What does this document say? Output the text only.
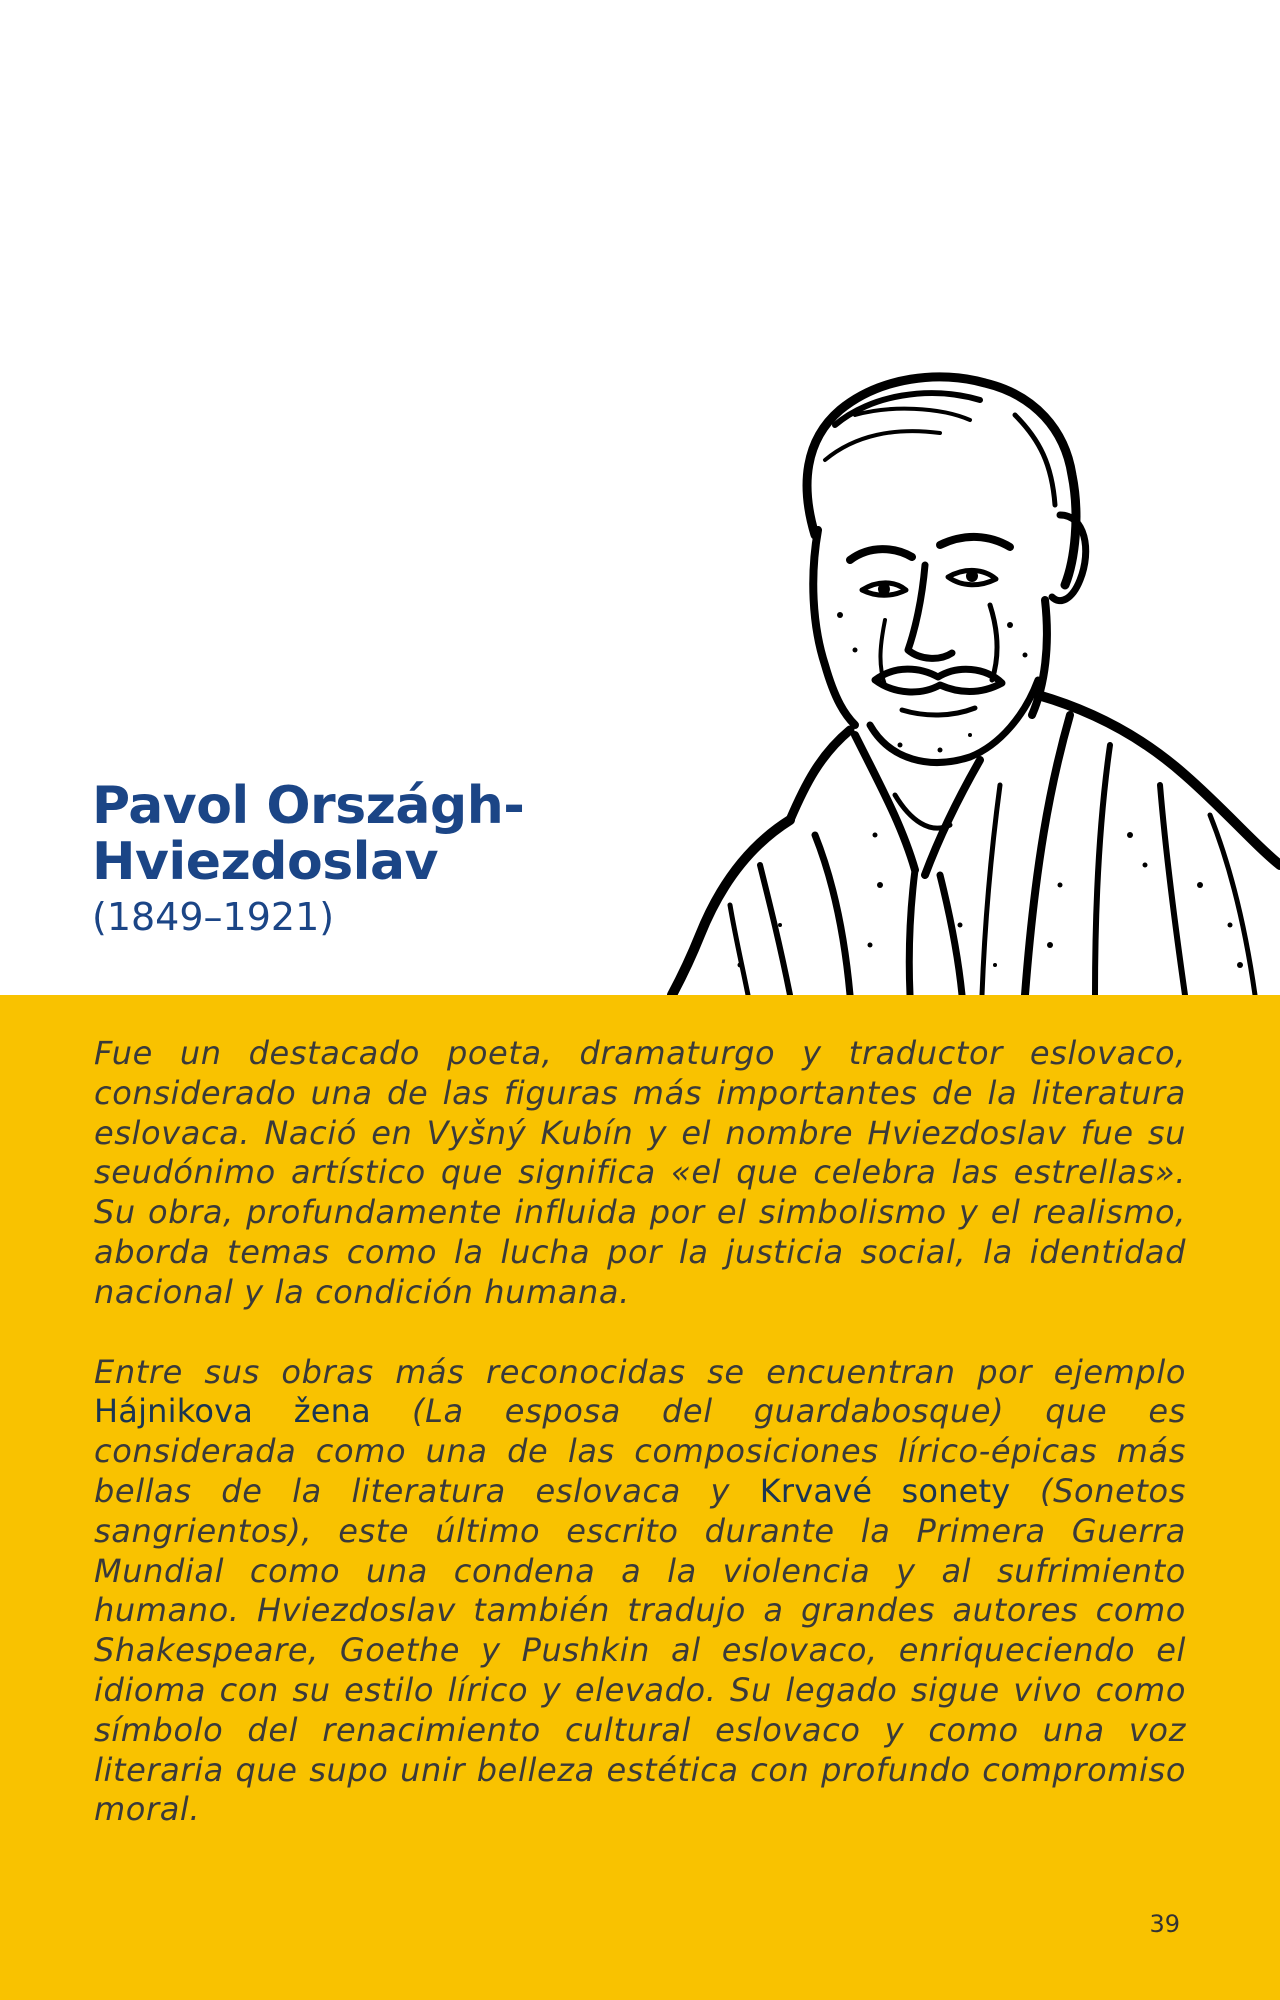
Pavol Országh-
Hviezdoslav
(1849–1921)

Fue un destacado poeta, dramaturgo y traductor eslovaco, considerado una de las figuras más importantes de la literatura eslovaca. Nació en Vyšný Kubín y el nombre Hviezdoslav fue su seudónimo artístico que significa «el que celebra las estrellas». Su obra, profundamente influida por el simbolismo y el realismo, aborda temas como la lucha por la justicia social, la identidad nacional y la condición humana.

Entre sus obras más reconocidas se encuentran por ejemplo Hájnikova žena (La esposa del guardabosque) que es considerada como una de las composiciones lírico-épicas más bellas de la literatura eslovaca y Krvavé sonety (Sonetos sangrientos), este último escrito durante la Primera Guerra Mundial como una condena a la violencia y al sufrimiento humano. Hviezdoslav también tradujo a grandes autores como Shakespeare, Goethe y Pushkin al eslovaco, enriqueciendo el idioma con su estilo lírico y elevado. Su legado sigue vivo como símbolo del renacimiento cultural eslovaco y como una voz literaria que supo unir belleza estética con profundo compromiso moral.

39
